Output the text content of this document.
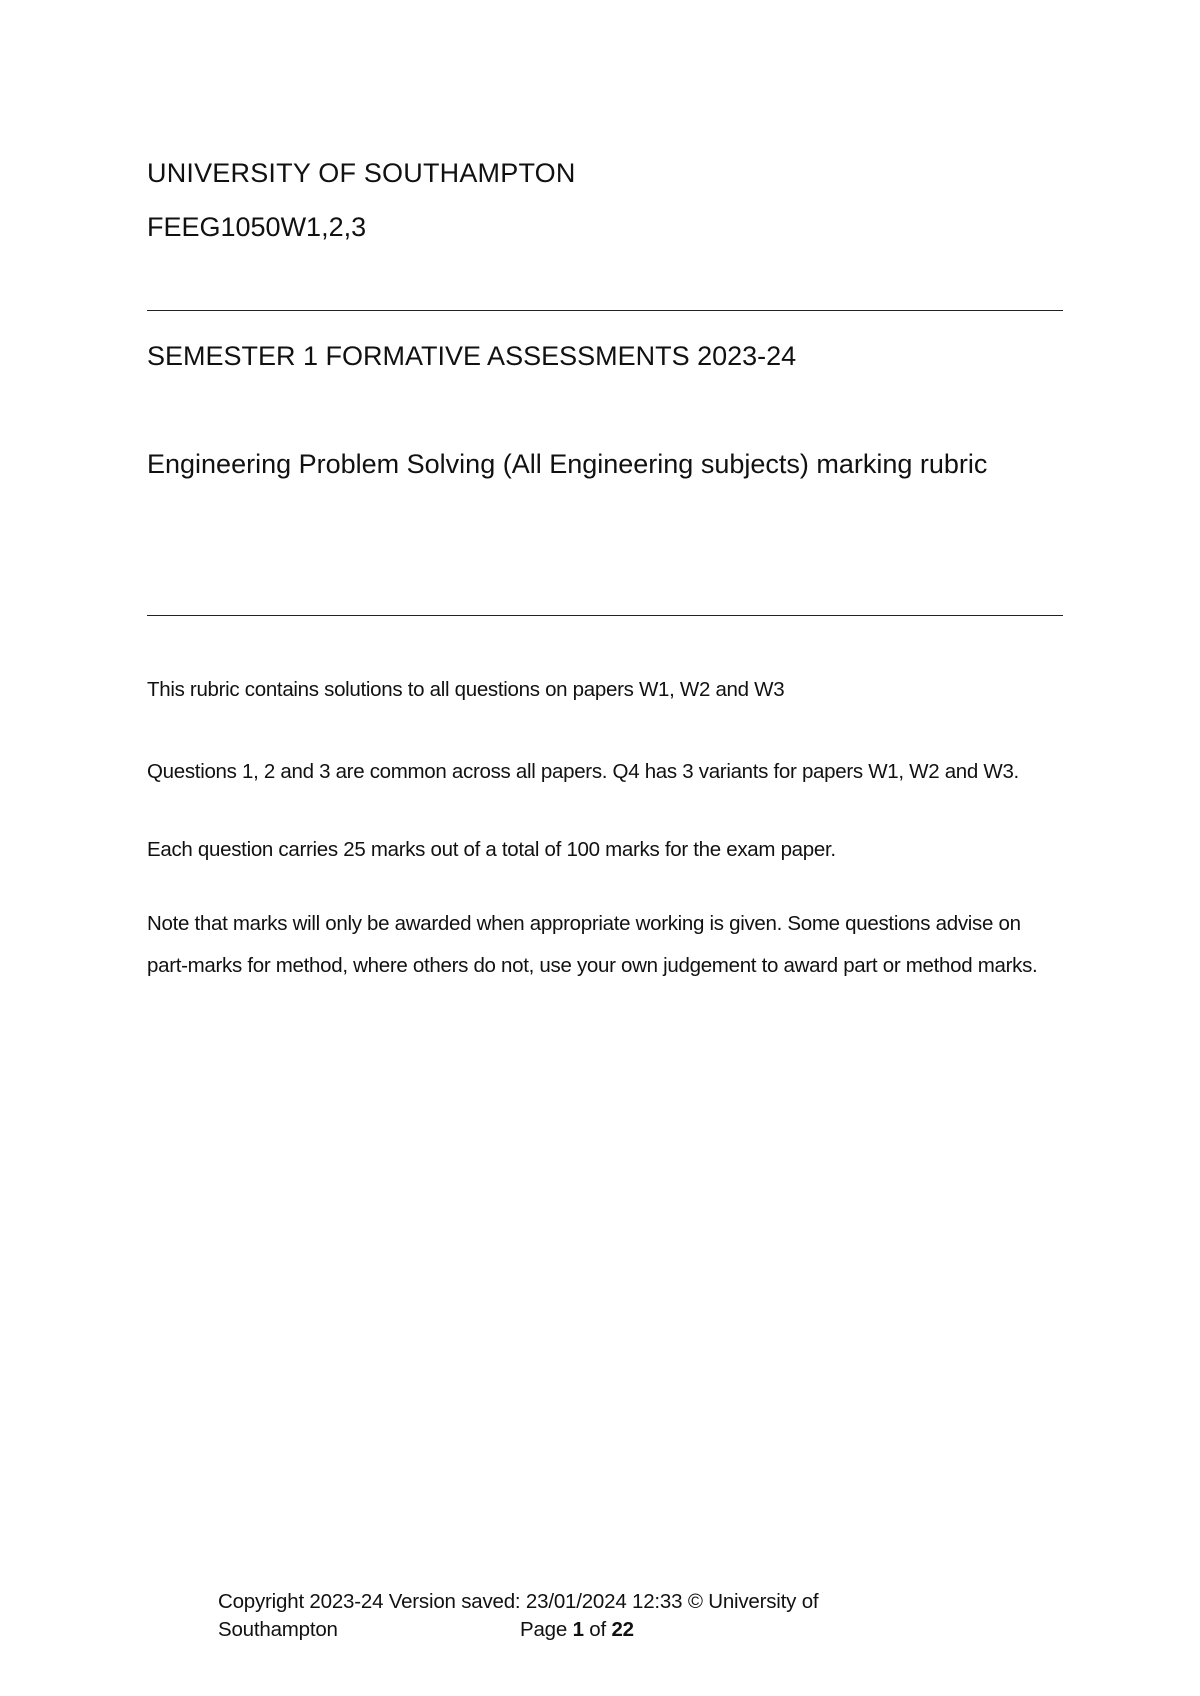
UNIVERSITY OF SOUTHAMPTON
FEEG1050W1,2,3
SEMESTER 1 FORMATIVE ASSESSMENTS 2023-24
Engineering Problem Solving (All Engineering subjects) marking rubric
This rubric contains solutions to all questions on papers W1, W2 and W3
Questions 1, 2 and 3 are common across all papers. Q4 has 3 variants for papers W1, W2 and W3.
Each question carries 25 marks out of a total of 100 marks for the exam paper.
Note that marks will only be awarded when appropriate working is given. Some questions advise on part-marks for method, where others do not, use your own judgement to award part or method marks.
Copyright 2023-24 Version saved: 23/01/2024 12:33 © University of
Southampton	Page 1 of 22
